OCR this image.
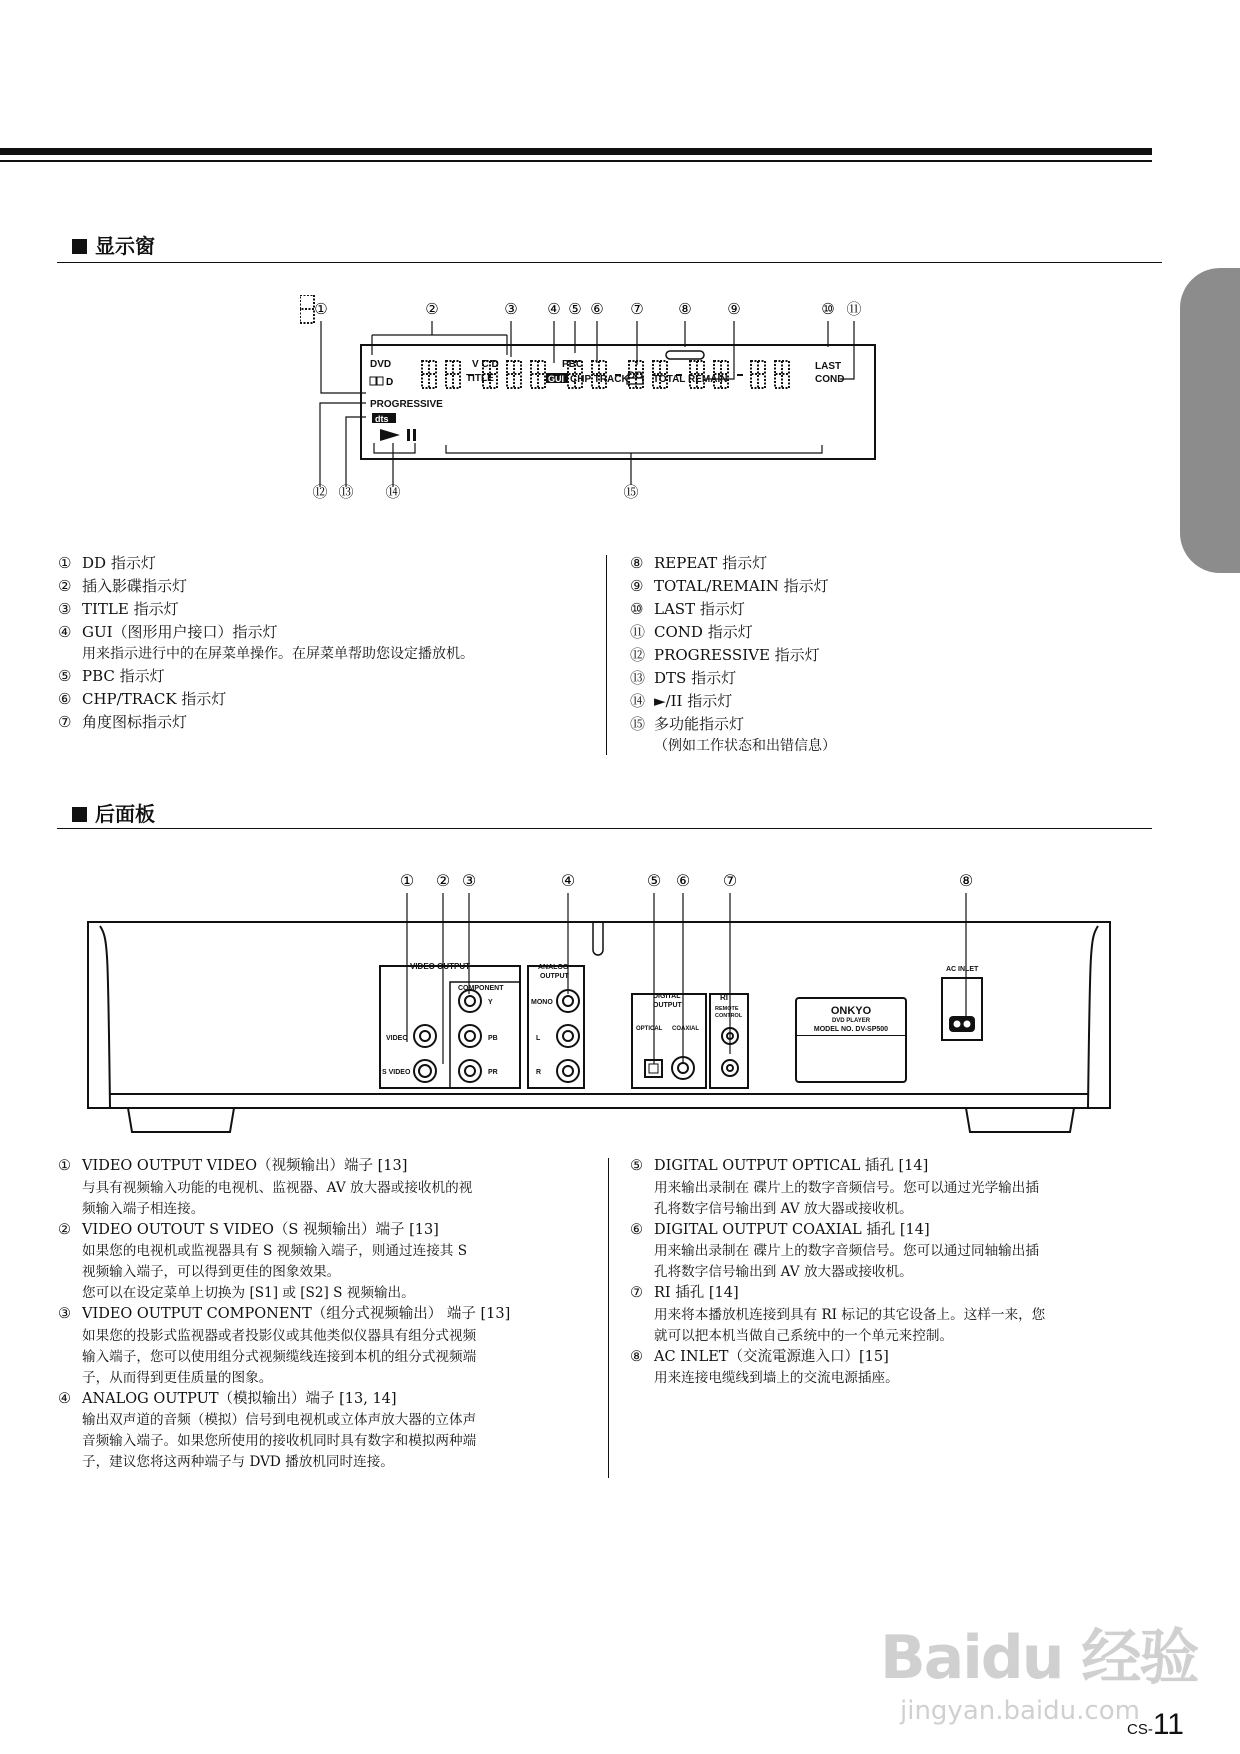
显示窗
①	②	③ ④ ⑤ ⑥ ⑦ ⑧ ⑨	⑩ ⑪
⑫ ⑬ ⑭	⑮
DVD	V C D
TITLE
PBC
GUI CHP TRACK TOTAL REMAIN
LAST
COND
PROGRESSIVE
D
dts
① DD 指示灯
② 插入影碟指示灯
③ TITLE 指示灯
④ GUI（图形用户接口）指示灯
用来指示进行中的在屏菜单操作。在屏菜单帮助您设定播放机。
⑤ PBC 指示灯
⑥ CHP/TRACK 指示灯
⑦ 角度图标指示灯
⑧ REPEAT 指示灯
⑨ TOTAL/REMAIN 指示灯
⑩ LAST 指示灯
⑪ COND 指示灯
⑫ PROGRESSIVE 指示灯
⑬ DTS 指示灯
⑭ ►/II 指示灯
⑮ 多功能指示灯
（例如工作状态和出错信息）
后面板
① ② ③	④	⑤ ⑥ ⑦	⑧
VIDEO OUTPUT
COMPONENT
VIDEO
S VIDEO
Y
PB
PR
ANALOG
OUTPUT
MONO
L
R
DIGITAL
OUTPUT
OPTICAL COAXIAL
RI
REMOTE
CONTROL	ONKYO
DVD PLAYER
MODEL NO. DV-SP500
AC INLET
① VIDEO OUTPUT VIDEO（视频输出）端子 [13]
与具有视频输入功能的电视机、监视器、AV 放大器或接收机的视
频输入端子相连接。
② VIDEO OUTOUT S VIDEO（S 视频输出）端子 [13]
如果您的电视机或监视器具有 S 视频输入端子，则通过连接其 S
视频输入端子，可以得到更佳的图象效果。
您可以在设定菜单上切换为 [S1] 或 [S2] S 视频输出。
③ VIDEO OUTPUT COMPONENT（组分式视频输出） 端子 [13]
如果您的投影式监视器或者投影仪或其他类似仪器具有组分式视频
输入端子，您可以使用组分式视频缆线连接到本机的组分式视频端
子，从而得到更佳质量的图象。
④ ANALOG OUTPUT（模拟输出）端子 [13, 14]
输出双声道的音频（模拟）信号到电视机或立体声放大器的立体声
音频输入端子。如果您所使用的接收机同时具有数字和模拟两种端
子，建议您将这两种端子与 DVD 播放机同时连接。
⑤ DIGITAL OUTPUT OPTICAL 插孔 [14]
用来输出录制在 碟片上的数字音频信号。您可以通过光学输出插
孔将数字信号输出到 AV 放大器或接收机。
⑥ DIGITAL OUTPUT COAXIAL 插孔 [14]
用来输出录制在 碟片上的数字音频信号。您可以通过同轴输出插
孔将数字信号输出到 AV 放大器或接收机。
⑦ RI 插孔 [14]
用来将本播放机连接到具有 RI 标记的其它设备上。这样一来，您
就可以把本机当做自己系统中的一个单元来控制。
⑧ AC INLET（交流電源進入口）[15]
用来连接电缆线到墙上的交流电源插座。
Baidu 经验
jingyan.baidu.com
CS-11
